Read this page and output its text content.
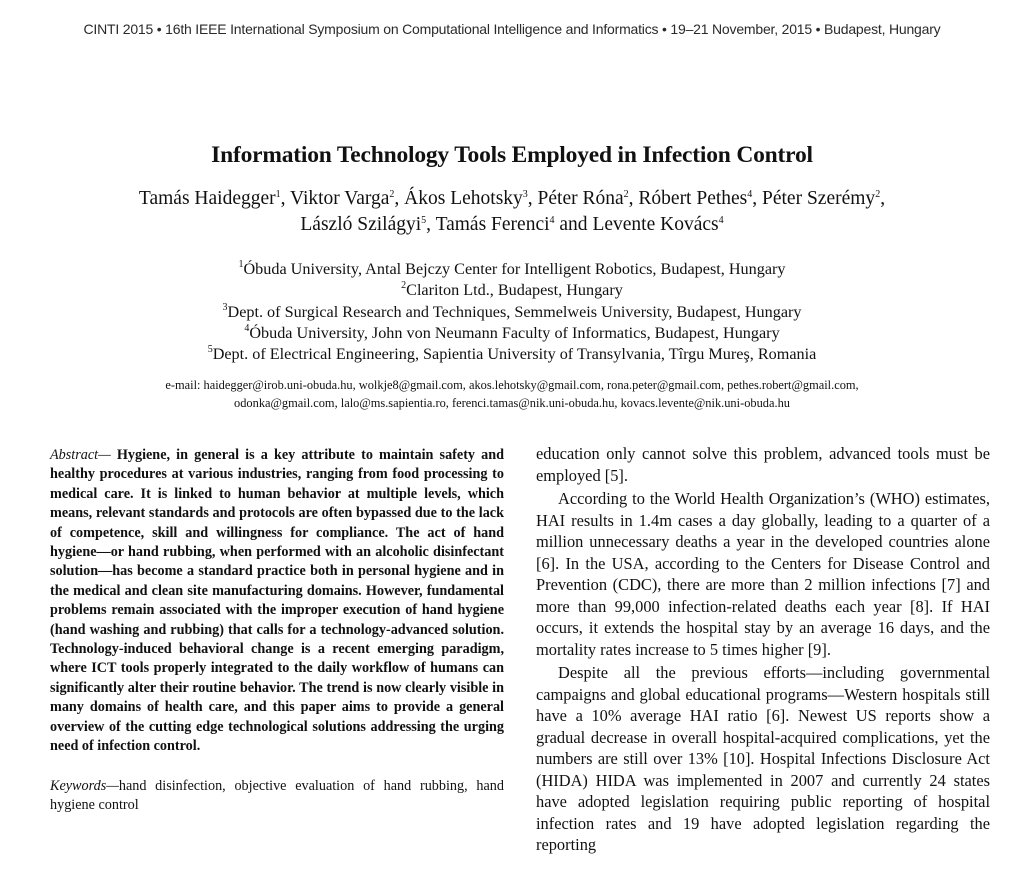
CINTI 2015 • 16th IEEE International Symposium on Computational Intelligence and Informatics • 19–21 November, 2015 • Budapest, Hungary
Information Technology Tools Employed in Infection Control
Tamás Haidegger$^1$, Viktor Varga$^2$, Ákos Lehotsky$^3$, Péter Róna$^2$, Róbert Pethes$^4$, Péter Szerémy$^2$,
László Szilágyi$^5$, Tamás Ferenci$^4$ and Levente Kovács$^4$
$^1$Óbuda University, Antal Bejczy Center for Intelligent Robotics, Budapest, Hungary
$^2$Clariton Ltd., Budapest, Hungary
$^3$Dept. of Surgical Research and Techniques, Semmelweis University, Budapest, Hungary
$^4$Óbuda University, John von Neumann Faculty of Informatics, Budapest, Hungary
$^5$Dept. of Electrical Engineering, Sapientia University of Transylvania, Tîrgu Mureş, Romania
e-mail: haidegger@irob.uni-obuda.hu, wolkje8@gmail.com, akos.lehotsky@gmail.com, rona.peter@gmail.com, pethes.robert@gmail.com,
odonka@gmail.com, lalo@ms.sapientia.ro, ferenci.tamas@nik.uni-obuda.hu, kovacs.levente@nik.uni-obuda.hu

Abstract— Hygiene, in general is a key attribute to maintain safety and healthy procedures at various industries, ranging from food processing to medical care. It is linked to human behavior at multiple levels, which means, relevant standards and protocols are often bypassed due to the lack of competence, skill and willingness for compliance. The act of hand hygiene—or hand rubbing, when performed with an alcoholic disinfectant solution—has become a standard practice both in personal hygiene and in the medical and clean site manufacturing domains. However, fundamental problems remain associated with the improper execution of hand hygiene (hand washing and rubbing) that calls for a technology-advanced solution. Technology-induced behavioral change is a recent emerging paradigm, where ICT tools properly integrated to the daily workflow of humans can significantly alter their routine behavior. The trend is now clearly visible in many domains of health care, and this paper aims to provide a general overview of the cutting edge technological solutions addressing the urging need of infection control.

Keywords—hand disinfection, objective evaluation of hand rubbing, hand hygiene control

education only cannot solve this problem, advanced tools must be employed [5].

According to the World Health Organization’s (WHO) estimates, HAI results in 1.4m cases a day globally, leading to a quarter of a million unnecessary deaths a year in the developed countries alone [6]. In the USA, according to the Centers for Disease Control and Prevention (CDC), there are more than 2 million infections [7] and more than 99,000 infection-related deaths each year [8]. If HAI occurs, it extends the hospital stay by an average 16 days, and the mortality rates increase to 5 times higher [9].

Despite all the previous efforts—including governmental campaigns and global educational programs—Western hospitals still have a 10% average HAI ratio [6]. Newest US reports show a gradual decrease in overall hospital-acquired complications, yet the numbers are still over 13% [10]. Hospital Infections Disclosure Act (HIDA) HIDA was implemented in 2007 and currently 24 states have adopted legislation requiring public reporting of hospital infection rates and 19 have adopted legislation regarding the reporting
